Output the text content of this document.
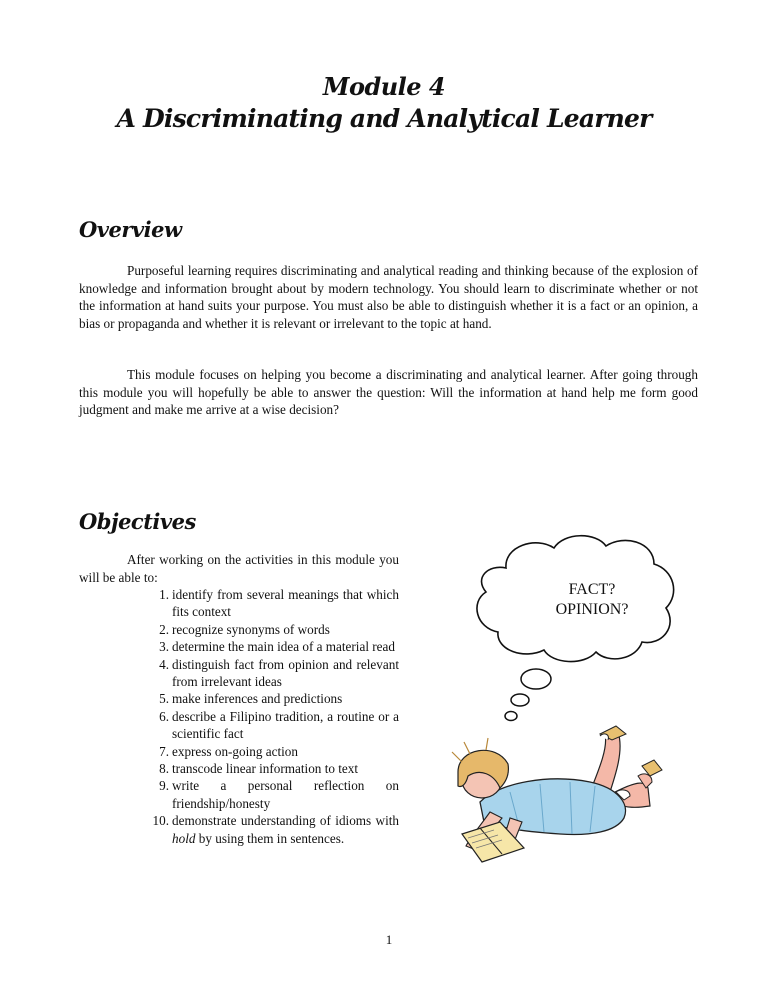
Module 4
A Discriminating and Analytical Learner
Overview

Purposeful learning requires discriminating and analytical reading and thinking because of the explosion of knowledge and information brought about by modern technology. You should learn to discriminate whether or not the information at hand suits your purpose. You must also be able to distinguish whether it is a fact or an opinion, a bias or propaganda and whether it is relevant or irrelevant to the topic at hand.

This module focuses on helping you become a discriminating and analytical learner. After going through this module you will hopefully be able to answer the question: Will the information at hand help me form good judgment and make me arrive at a wise decision?

Objectives

After working on the activities in this module you will be able to:

1. identify from several meanings that which fits context
2. recognize synonyms of words
3. determine the main idea of a material read
4. distinguish fact from opinion and relevant from irrelevant ideas
5. make inferences and predictions
6. describe a Filipino tradition, a routine or a scientific fact
7. express on-going action
8. transcode linear information to text
9. write a personal reflection on friendship/honesty
10. demonstrate understanding of idioms with hold by using them in sentences.
FACT?
OPINION?
1
